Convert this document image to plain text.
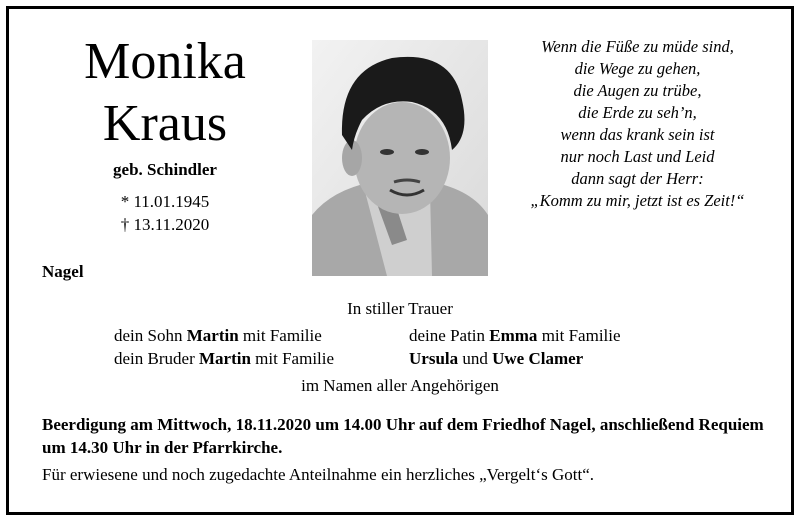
Monika
Kraus
geb. Schindler
* 11.01.1945
† 13.11.2020
Nagel
Wenn die Füße zu müde sind,
die Wege zu gehen,
die Augen zu trübe,
die Erde zu seh’n,
wenn das krank sein ist
nur noch Last und Leid
dann sagt der Herr:
„Komm zu mir, jetzt ist es Zeit!“
In stiller Trauer
dein Sohn Martin mit Familie
dein Bruder Martin mit Familie
deine Patin Emma mit Familie
Ursula und Uwe Clamer
im Namen aller Angehörigen
Beerdigung am Mittwoch, 18.11.2020 um 14.00 Uhr auf dem Friedhof Nagel, anschließend Requiem um 14.30 Uhr in der Pfarrkirche.
Für erwiesene und noch zugedachte Anteilnahme ein herzliches „Vergelt‘s Gott“.
